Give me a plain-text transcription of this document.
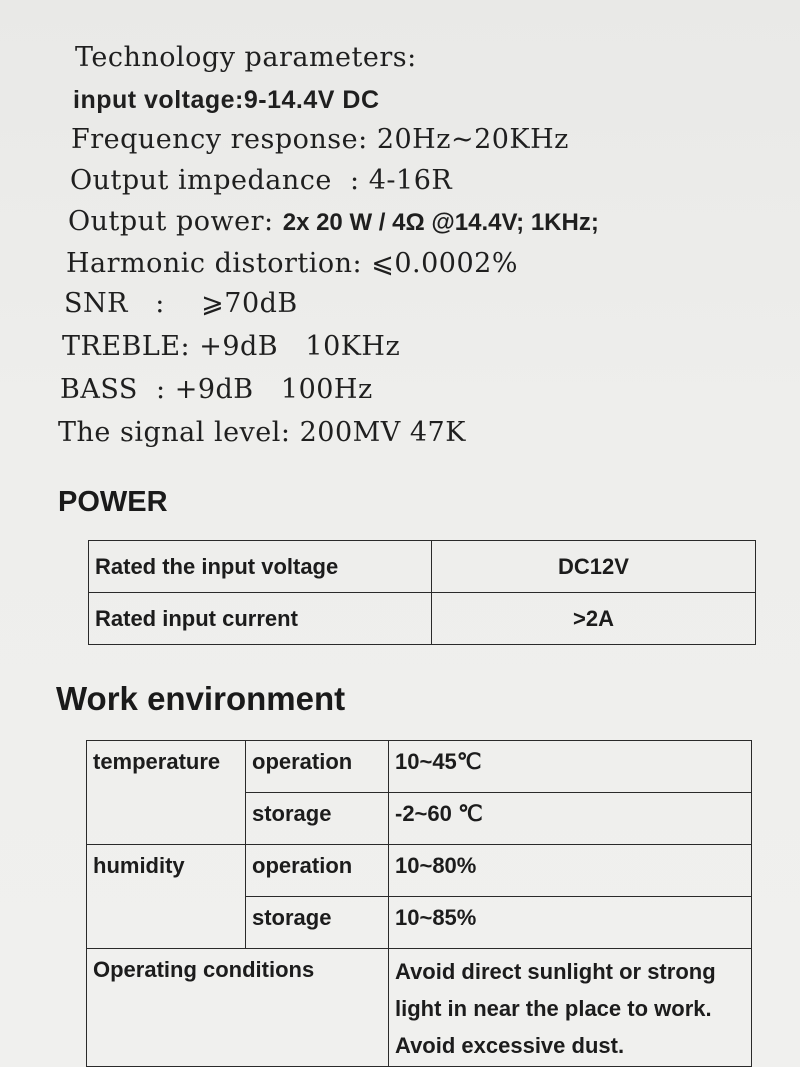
Technology parameters:
input voltage:9-14.4V DC
Frequency response: 20Hz~20KHz
Output impedance  : 4-16R
Output power: 2x 20 W / 4Ω @14.4V; 1KHz;
Harmonic distortion: ⩽0.0002%
SNR   : ⩾70dB
TREBLE: +9dB 10KHz
BASS  : +9dB 100Hz
The signal level: 200MV 47K
POWER
Rated the input voltage	DC12V
Rated input current	>2A
Work environment
temperature	operation	10~45℃
	storage	-2~60 ℃
humidity	operation	10~80%
	storage	10~85%
Operating conditions		Avoid direct sunlight or strong
light in near the place to work.
Avoid excessive dust.
